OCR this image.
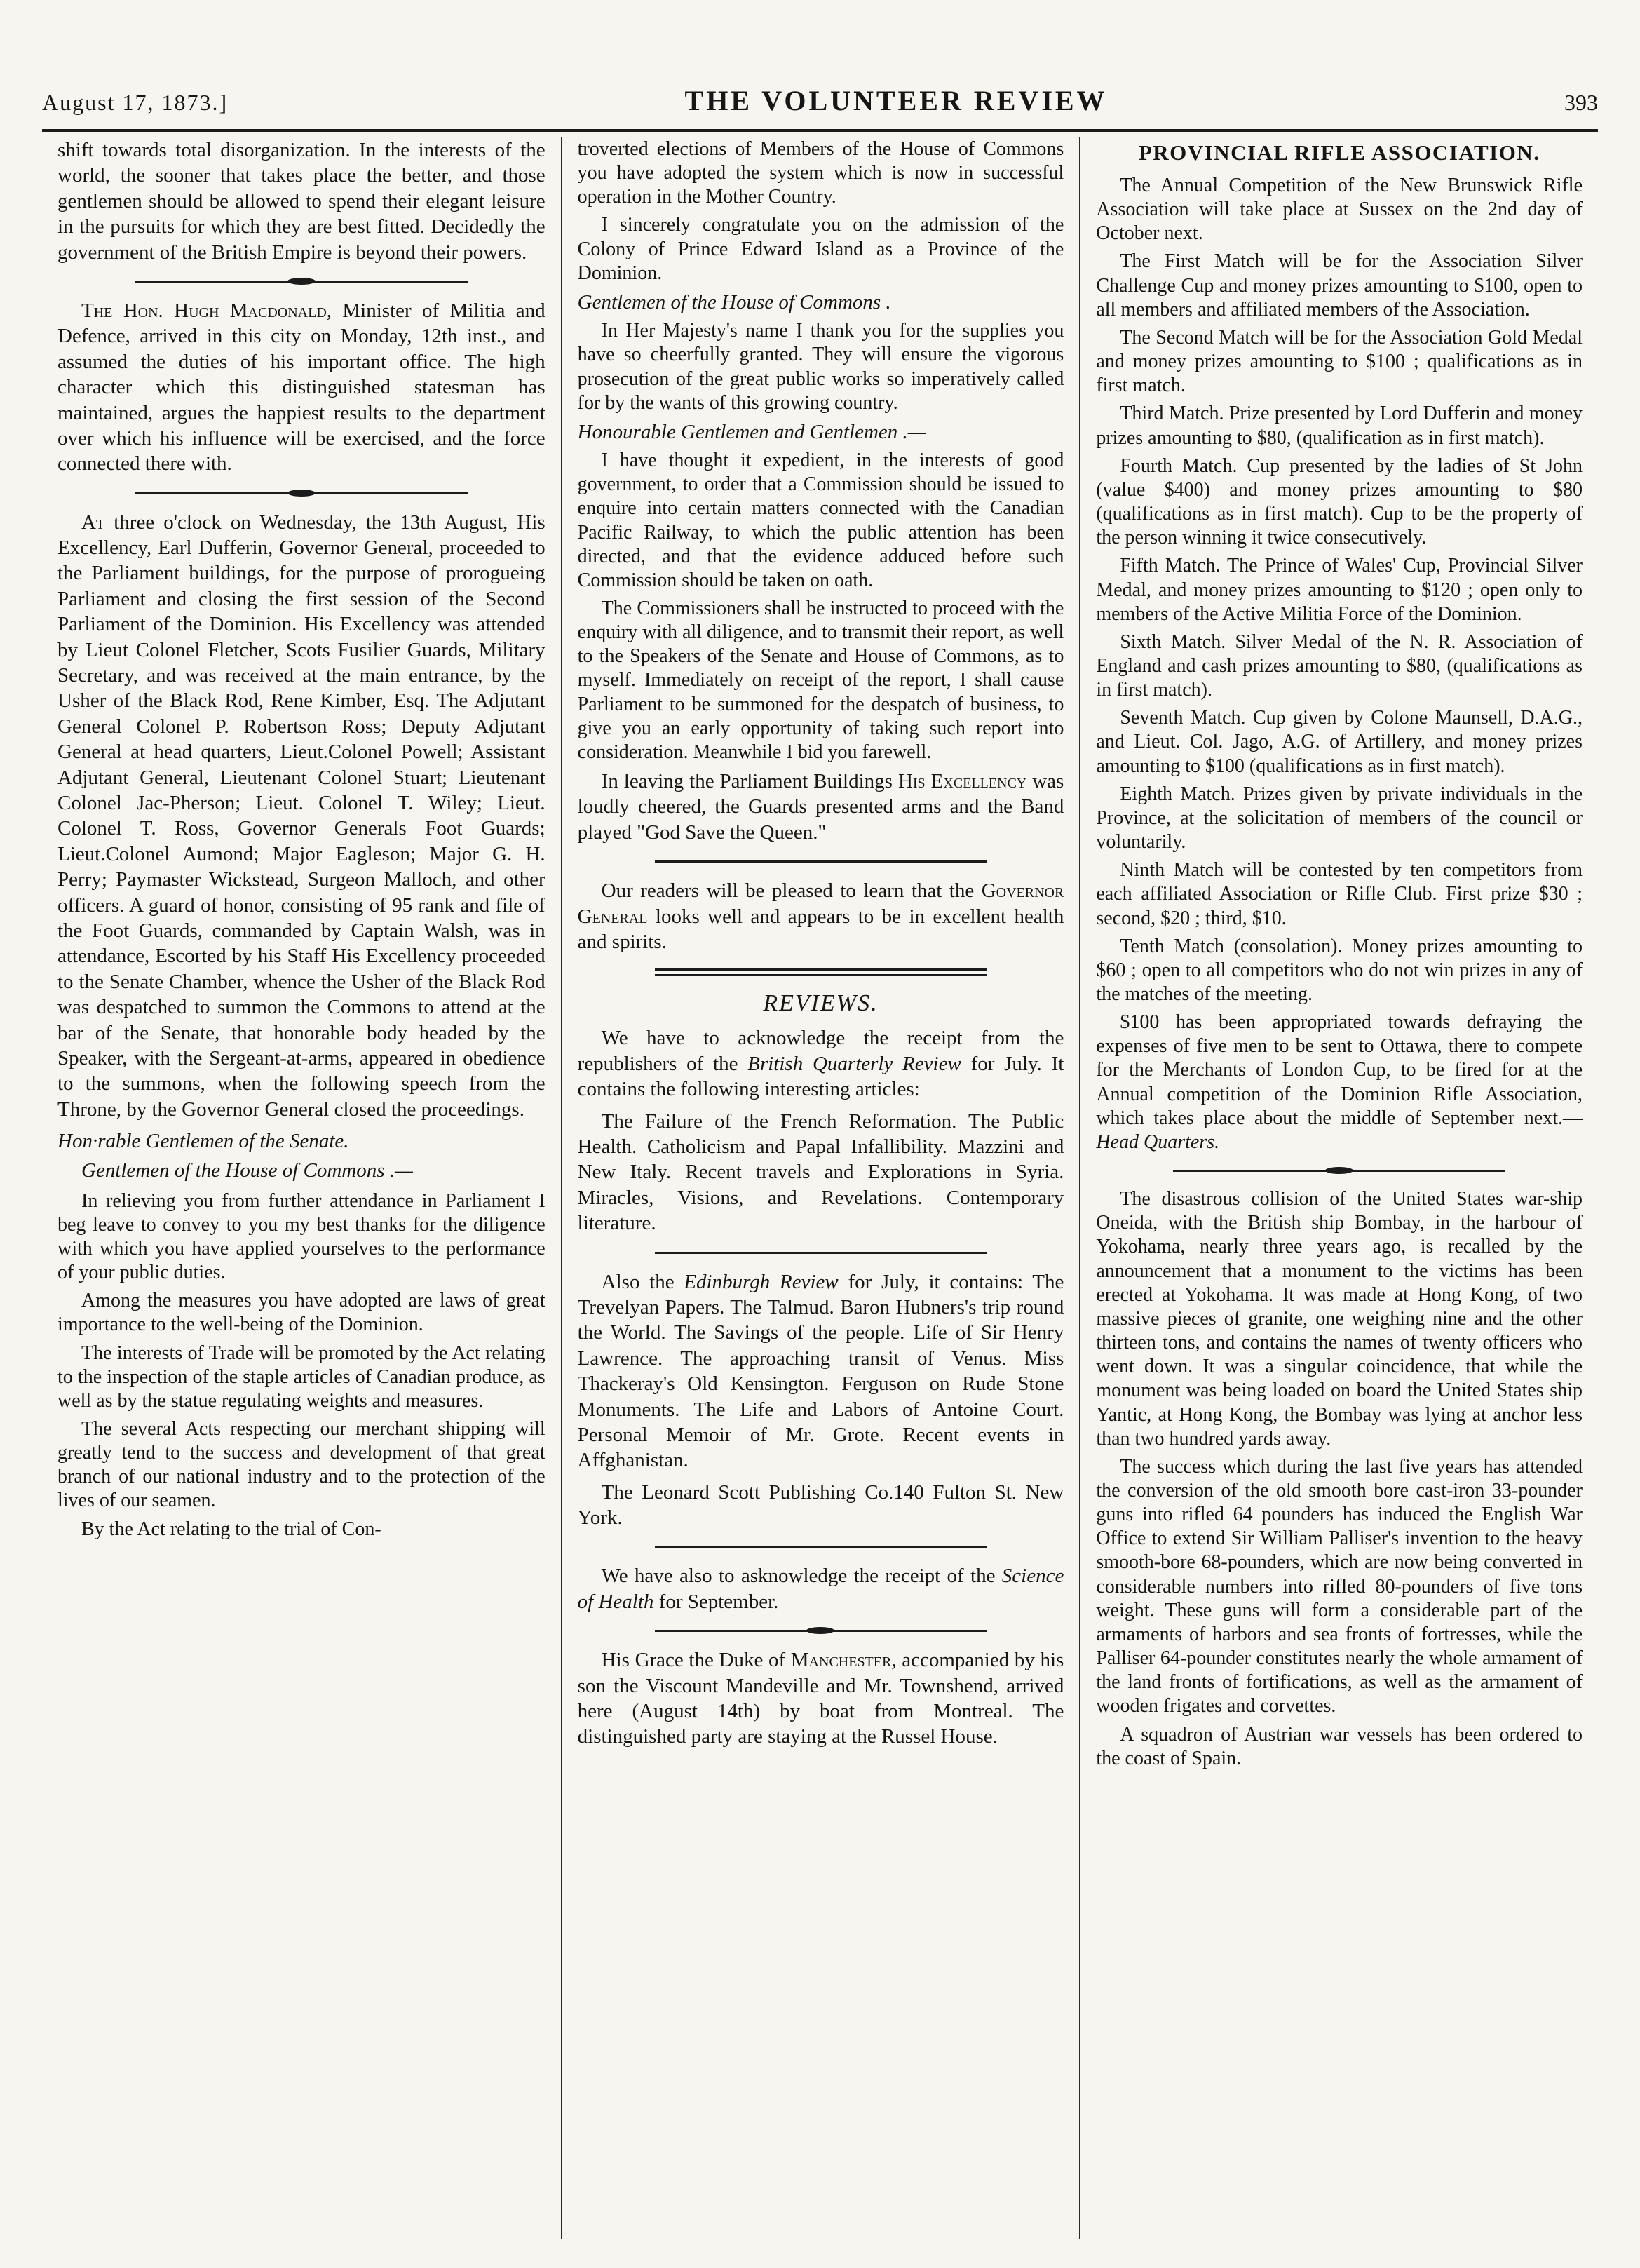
August 17, 1873.]	THE VOLUNTEER REVIEW	393

shift towards total disorganization. In the interests of the world, the sooner that takes place the better, and those gentlemen should be allowed to spend their elegant leisure in the pursuits for which they are best fitted. Decidedly the government of the British Empire is beyond their powers.

The Hon. Hugh Macdonald, Minister of Militia and Defence, arrived in this city on Monday, 12th inst., and assumed the duties of his important office. The high character which this distinguished statesman has maintained, argues the happiest results to the department over which his influence will be exercised, and the force connected there with.

At three o'clock on Wednesday, the 13th August, His Excellency, Earl Dufferin, Governor General, proceeded to the Parliament buildings, for the purpose of prorogueing Parliament and closing the first session of the Second Parliament of the Dominion. His Excellency was attended by Lieut Colonel Fletcher, Scots Fusilier Guards, Military Secretary, and was received at the main entrance, by the Usher of the Black Rod, Rene Kimber, Esq. The Adjutant General Colonel P. Robertson Ross; Deputy Adjutant General at head quarters, Lieut.Colonel Powell; Assistant Adjutant General, Lieutenant Colonel Stuart; Lieutenant Colonel Jac-Pherson; Lieut. Colonel T. Wiley; Lieut. Colonel T. Ross, Governor Generals Foot Guards; Lieut.Colonel Aumond; Major Eagleson; Major G. H. Perry; Paymaster Wickstead, Surgeon Malloch, and other officers. A guard of honor, consisting of 95 rank and file of the Foot Guards, commanded by Captain Walsh, was in attendance, Escorted by his Staff His Excellency proceeded to the Senate Chamber, whence the Usher of the Black Rod was despatched to summon the Commons to attend at the bar of the Senate, that honorable body headed by the Speaker, with the Sergeant-at-arms, appeared in obedience to the summons, when the following speech from the Throne, by the Governor General closed the proceedings.

Hon·rable Gentlemen of the Senate.
Gentlemen of the House of Commons .—

In relieving you from further attendance in Parliament I beg leave to convey to you my best thanks for the diligence with which you have applied yourselves to the performance of your public duties.

Among the measures you have adopted are laws of great importance to the well-being of the Dominion.

The interests of Trade will be promoted by the Act relating to the inspection of the staple articles of Canadian produce, as well as by the statue regulating weights and measures.

The several Acts respecting our merchant shipping will greatly tend to the success and development of that great branch of our national industry and to the protection of the lives of our seamen.

By the Act relating to the trial of Con-

troverted elections of Members of the House of Commons you have adopted the system which is now in successful operation in the Mother Country.

I sincerely congratulate you on the admission of the Colony of Prince Edward Island as a Province of the Dominion.

Gentlemen of the House of Commons .

In Her Majesty's name I thank you for the supplies you have so cheerfully granted. They will ensure the vigorous prosecution of the great public works so imperatively called for by the wants of this growing country.

Honourable Gentlemen and Gentlemen .—

I have thought it expedient, in the interests of good government, to order that a Commission should be issued to enquire into certain matters connected with the Canadian Pacific Railway, to which the public attention has been directed, and that the evidence adduced before such Commission should be taken on oath.

The Commissioners shall be instructed to proceed with the enquiry with all diligence, and to transmit their report, as well to the Speakers of the Senate and House of Commons, as to myself. Immediately on receipt of the report, I shall cause Parliament to be summoned for the despatch of business, to give you an early opportunity of taking such report into consideration. Meanwhile I bid you farewell.

In leaving the Parliament Buildings His Excellency was loudly cheered, the Guards presented arms and the Band played "God Save the Queen."

Our readers will be pleased to learn that the Governor General looks well and appears to be in excellent health and spirits.

REVIEWS.

We have to acknowledge the receipt from the republishers of the British Quarterly Review for July. It contains the following interesting articles:

The Failure of the French Reformation. The Public Health. Catholicism and Papal Infallibility. Mazzini and New Italy. Recent travels and Explorations in Syria. Miracles, Visions, and Revelations. Contemporary literature.

Also the Edinburgh Review for July, it contains: The Trevelyan Papers. The Talmud. Baron Hubners's trip round the World. The Savings of the people. Life of Sir Henry Lawrence. The approaching transit of Venus. Miss Thackeray's Old Kensington. Ferguson on Rude Stone Monuments. The Life and Labors of Antoine Court. Personal Memoir of Mr. Grote. Recent events in Affghanistan.

The Leonard Scott Publishing Co.140 Fulton St. New York.

We have also to asknowledge the receipt of the Science of Health for September.

His Grace the Duke of Manchester, accompanied by his son the Viscount Mandeville and Mr. Townshend, arrived here (August 14th) by boat from Montreal. The distinguished party are staying at the Russel House.

PROVINCIAL RIFLE ASSOCIATION.

The Annual Competition of the New Brunswick Rifle Association will take place at Sussex on the 2nd day of October next.

The First Match will be for the Association Silver Challenge Cup and money prizes amounting to $100, open to all members and affiliated members of the Association.

The Second Match will be for the Association Gold Medal and money prizes amounting to $100 ; qualifications as in first match.

Third Match. Prize presented by Lord Dufferin and money prizes amounting to $80, (qualification as in first match).

Fourth Match. Cup presented by the ladies of St John (value $400) and money prizes amounting to $80 (qualifications as in first match). Cup to be the property of the person winning it twice consecutively.

Fifth Match. The Prince of Wales' Cup, Provincial Silver Medal, and money prizes amounting to $120 ; open only to members of the Active Militia Force of the Dominion.

Sixth Match. Silver Medal of the N. R. Association of England and cash prizes amounting to $80, (qualifications as in first match).

Seventh Match. Cup given by Colone Maunsell, D.A.G., and Lieut. Col. Jago, A.G. of Artillery, and money prizes amounting to $100 (qualifications as in first match).

Eighth Match. Prizes given by private individuals in the Province, at the solicitation of members of the council or voluntarily.

Ninth Match will be contested by ten competitors from each affiliated Association or Rifle Club. First prize $30 ; second, $20 ; third, $10.

Tenth Match (consolation). Money prizes amounting to $60 ; open to all competitors who do not win prizes in any of the matches of the meeting.

$100 has been appropriated towards defraying the expenses of five men to be sent to Ottawa, there to compete for the Merchants of London Cup, to be fired for at the Annual competition of the Dominion Rifle Association, which takes place about the middle of September next.—Head Quarters.

The disastrous collision of the United States war-ship Oneida, with the British ship Bombay, in the harbour of Yokohama, nearly three years ago, is recalled by the announcement that a monument to the victims has been erected at Yokohama. It was made at Hong Kong, of two massive pieces of granite, one weighing nine and the other thirteen tons, and contains the names of twenty officers who went down. It was a singular coincidence, that while the monument was being loaded on board the United States ship Yantic, at Hong Kong, the Bombay was lying at anchor less than two hundred yards away.

The success which during the last five years has attended the conversion of the old smooth bore cast-iron 33-pounder guns into rifled 64 pounders has induced the English War Office to extend Sir William Palliser's invention to the heavy smooth-bore 68-pounders, which are now being converted in considerable numbers into rifled 80-pounders of five tons weight. These guns will form a considerable part of the armaments of harbors and sea fronts of fortresses, while the Palliser 64-pounder constitutes nearly the whole armament of the land fronts of fortifications, as well as the armament of wooden frigates and corvettes.

A squadron of Austrian war vessels has been ordered to the coast of Spain.
